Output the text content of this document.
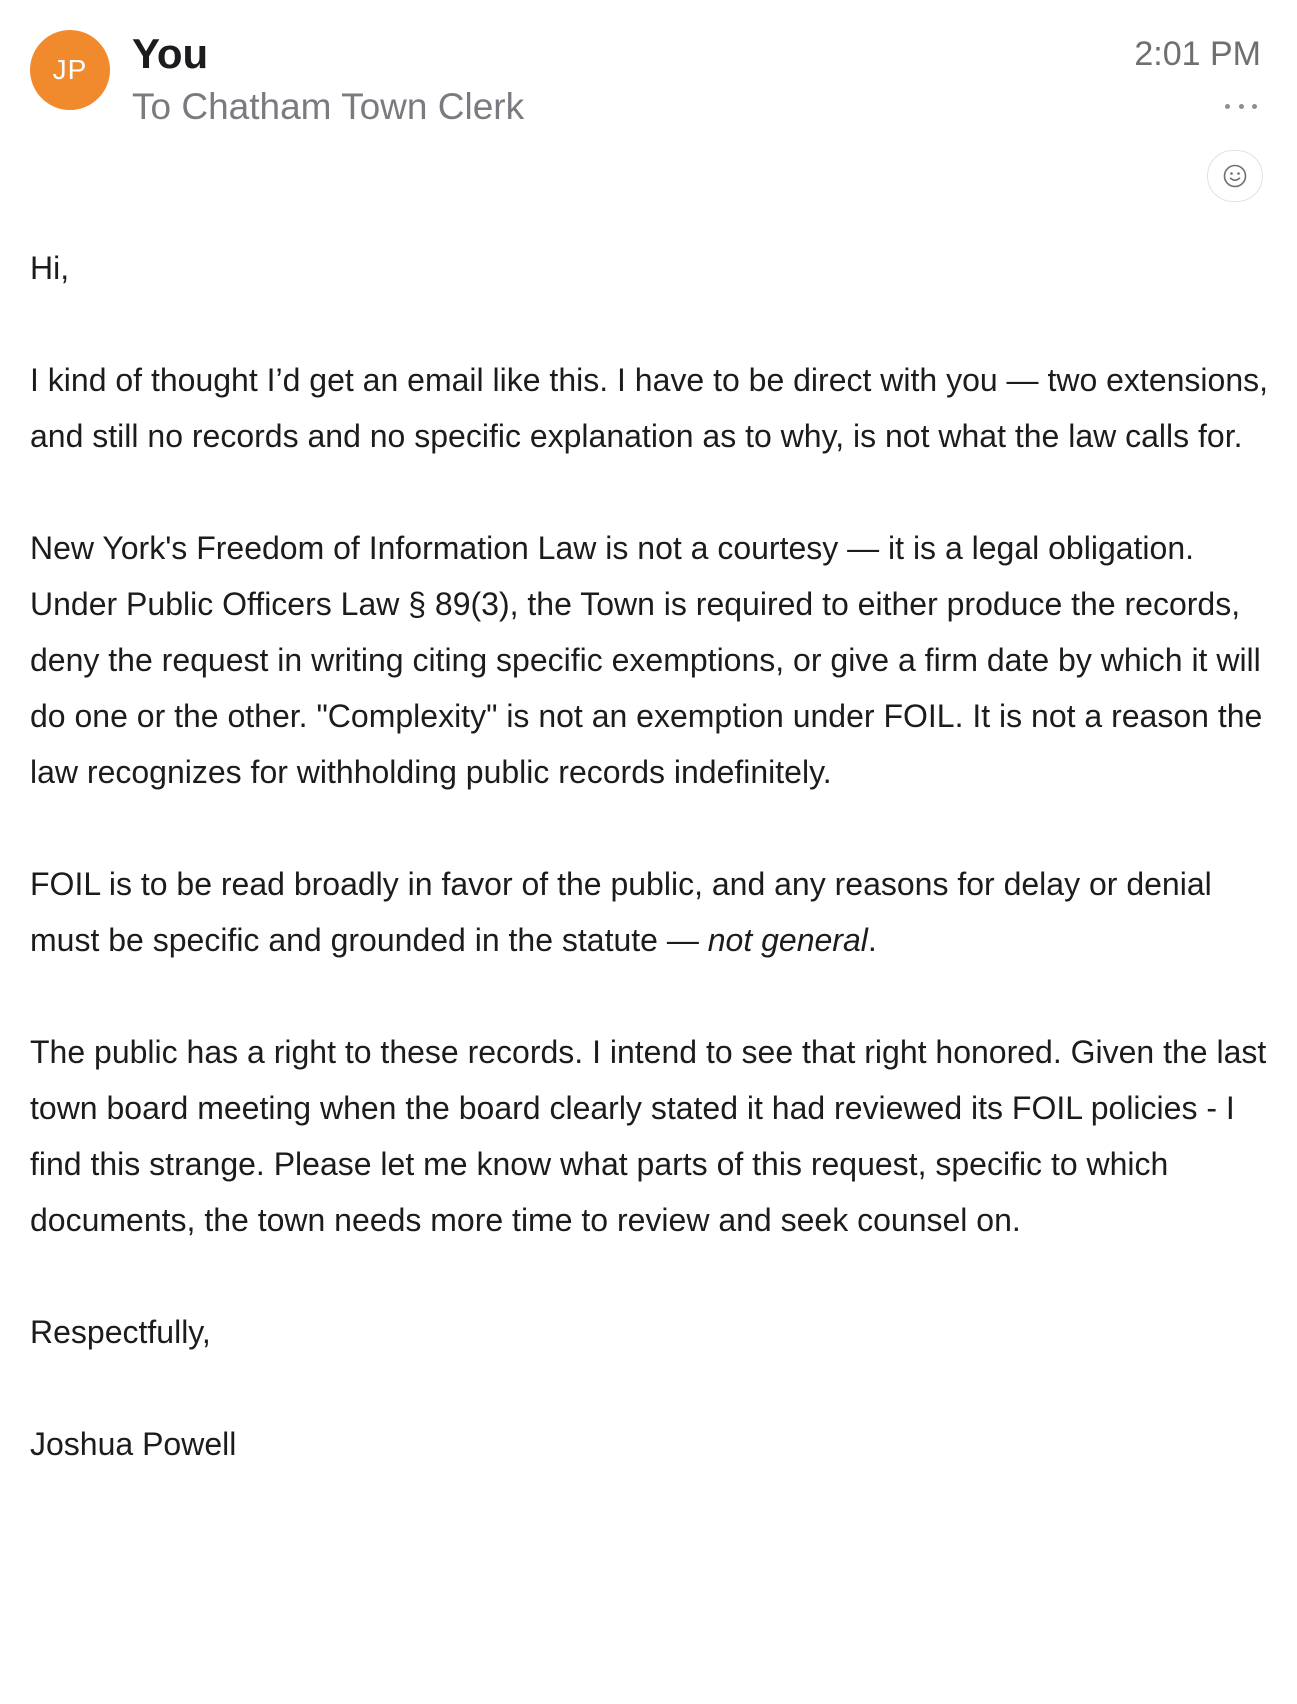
JP	You
To Chatham Town Clerk
2:01 PM

Hi,

I kind of thought I’d get an email like this. I have to be direct with you — two extensions, and still no records and no specific explanation as to why, is not what the law calls for.

New York's Freedom of Information Law is not a courtesy — it is a legal obligation. Under Public Officers Law § 89(3), the Town is required to either produce the records, deny the request in writing citing specific exemptions, or give a firm date by which it will do one or the other. "Complexity" is not an exemption under FOIL. It is not a reason the law recognizes for withholding public records indefinitely.

FOIL is to be read broadly in favor of the public, and any reasons for delay or denial must be specific and grounded in the statute — not general.

The public has a right to these records. I intend to see that right honored. Given the last town board meeting when the board clearly stated it had reviewed its FOIL policies - I find this strange. Please let me know what parts of this request, specific to which documents, the town needs more time to review and seek counsel on.

Respectfully,

Joshua Powell
